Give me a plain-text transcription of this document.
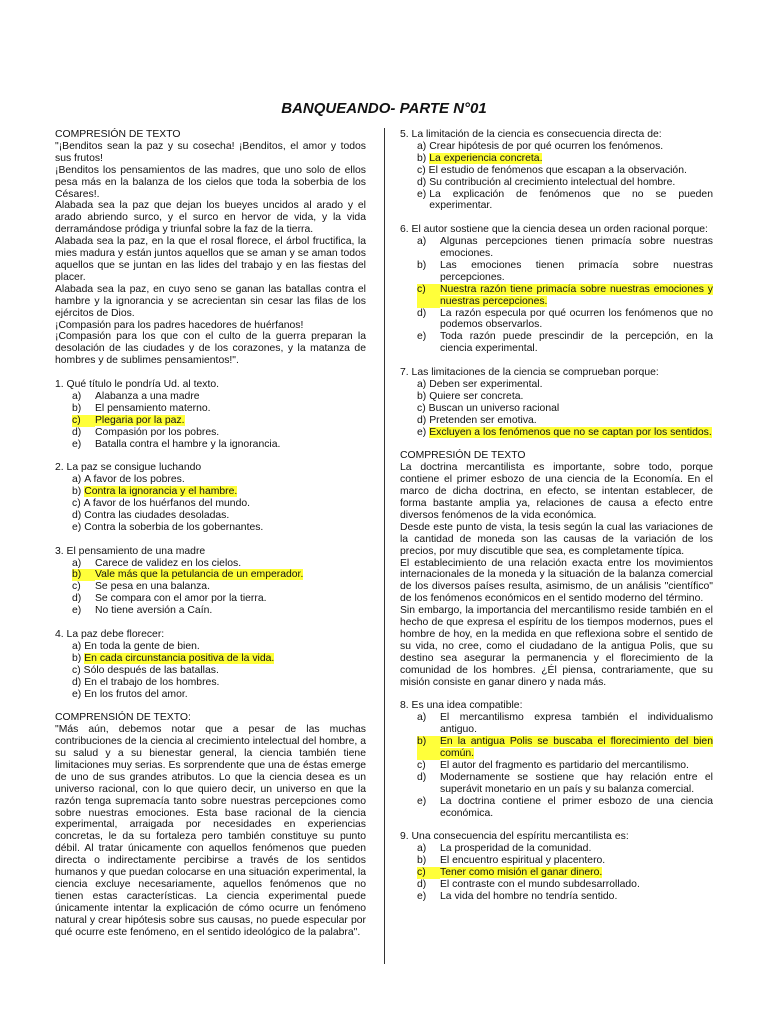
BANQUEANDO- PARTE N°01
COMPRESIÓN DE TEXTO
"¡Benditos sean la paz y su cosecha! ¡Benditos, el amor y todos sus frutos!
¡Benditos los pensamientos de las madres, que uno solo de ellos pesa más en la balanza de los cielos que toda la soberbia de los Césares!.
Alabada sea la paz que dejan los bueyes uncidos al arado y el arado abriendo surco, y el surco en hervor de vida, y la vida derramándose pródiga y triunfal sobre la faz de la tierra.
Alabada sea la paz, en la que el rosal florece, el árbol fructifica, la mies madura y están juntos aquellos que se aman y se aman todos aquellos que se juntan en las lides del trabajo y en las fiestas del placer.
Alabada sea la paz, en cuyo seno se ganan las batallas contra el hambre y la ignorancia y se acrecientan sin cesar las filas de los ejércitos de Dios.
¡Compasión para los padres hacedores de huérfanos!
¡Compasión para los que con el culto de la guerra preparan la desolación de las ciudades y de los corazones, y la matanza de hombres y de sublimes pensamientos!".
1. Qué título le pondría Ud. al texto.
a)	Alabanza a una madre
b)	El pensamiento materno.
c)	Plegaria por la paz.
d)	Compasión por los pobres.
e)	Batalla contra el hambre y la ignorancia.
2. La paz se consigue luchando
a) A favor de los pobres.
b) Contra la ignorancia y el hambre.
c) A favor de los huérfanos del mundo.
d) Contra las ciudades desoladas.
e) Contra la soberbia de los gobernantes.
3. El pensamiento de una madre
a)	Carece de validez en los cielos.
b)	Vale más que la petulancia de un emperador.
c)	Se pesa en una balanza.
d)	Se compara con el amor por la tierra.
e)	No tiene aversión a Caín.
4. La paz debe florecer:
a) En toda la gente de bien.
b) En cada circunstancia positiva de la vida.
c) Sólo después de las batallas.
d) En el trabajo de los hombres.
e) En los frutos del amor.
COMPRENSIÓN DE TEXTO:
"Más aún, debemos notar que a pesar de las muchas contribuciones de la ciencia al crecimiento intelectual del hombre, a su salud y a su bienestar general, la ciencia también tiene limitaciones muy serias. Es sorprendente que una de éstas emerge de uno de sus grandes atributos. Lo que la ciencia desea es un universo racional, con lo que quiero decir, un universo en que la razón tenga supremacía tanto sobre nuestras percepciones como sobre nuestras emociones. Esta base racional de la ciencia experimental, arraigada por necesidades en experiencias concretas, le da su fortaleza pero también constituye su punto débil. Al tratar únicamente con aquellos fenómenos que pueden directa o indirectamente percibirse a través de los sentidos humanos y que puedan colocarse en una situación experimental, la ciencia excluye necesariamente, aquellos fenómenos que no tienen estas características. La ciencia experimental puede únicamente intentar la explicación de cómo ocurre un fenómeno natural y crear hipótesis sobre sus causas, no puede especular por qué ocurre este fenómeno, en el sentido ideológico de la palabra".
5. La limitación de la ciencia es consecuencia directa de:
a) Crear hipótesis de por qué ocurren los fenómenos.
b) La experiencia concreta.
c) El estudio de fenómenos que escapan a la observación.
d) Su contribución al crecimiento intelectual del hombre.
e) La explicación de fenómenos que no se pueden experimentar.
6. El autor sostiene que la ciencia desea un orden racional porque:
a)	Algunas percepciones tienen primacía sobre nuestras emociones.
b)	Las emociones tienen primacía sobre nuestras percepciones.
c)	Nuestra razón tiene primacía sobre nuestras emociones y nuestras percepciones.
d)	La razón especula por qué ocurren los fenómenos que no podemos observarlos.
e)	Toda razón puede prescindir de la percepción, en la ciencia experimental.
7. Las limitaciones de la ciencia se comprueban porque:
a) Deben ser experimental.
b) Quiere ser concreta.
c) Buscan un universo racional
d) Pretenden ser emotiva.
e) Excluyen a los fenómenos que no se captan por los sentidos.
COMPRESIÓN DE TEXTO
La doctrina mercantilista es importante, sobre todo, porque contiene el primer esbozo de una ciencia de la Economía. En el marco de dicha doctrina, en efecto, se intentan establecer, de forma bastante amplia ya, relaciones de causa a efecto entre diversos fenómenos de la vida económica.
Desde este punto de vista, la tesis según la cual las variaciones de la cantidad de moneda son las causas de la variación de los precios, por muy discutible que sea, es completamente típica.
El establecimiento de una relación exacta entre los movimientos internacionales de la moneda y la situación de la balanza comercial de los diversos países resulta, asimismo, de un análisis "científico" de los fenómenos económicos en el sentido moderno del término.
Sin embargo, la importancia del mercantilismo reside también en el hecho de que expresa el espíritu de los tiempos modernos, pues el hombre de hoy, en la medida en que reflexiona sobre el sentido de su vida, no cree, como el ciudadano de la antigua Polis, que su destino sea asegurar la permanencia y el florecimiento de la comunidad de los hombres. ¿Él piensa, contrariamente, que su misión consiste en ganar dinero y nada más.
8. Es una idea compatible:
a)	El mercantilismo expresa también el individualismo antiguo.
b)	En la antigua Polis se buscaba el florecimiento del bien común.
c)	El autor del fragmento es partidario del mercantilismo.
d)	Modernamente se sostiene que hay relación entre el superávit monetario en un país y su balanza comercial.
e)	La doctrina contiene el primer esbozo de una ciencia económica.
9. Una consecuencia del espíritu mercantilista es:
a)	La prosperidad de la comunidad.
b)	El encuentro espiritual y placentero.
c)	Tener como misión el ganar dinero.
d)	El contraste con el mundo subdesarrollado.
e)	La vida del hombre no tendría sentido.
